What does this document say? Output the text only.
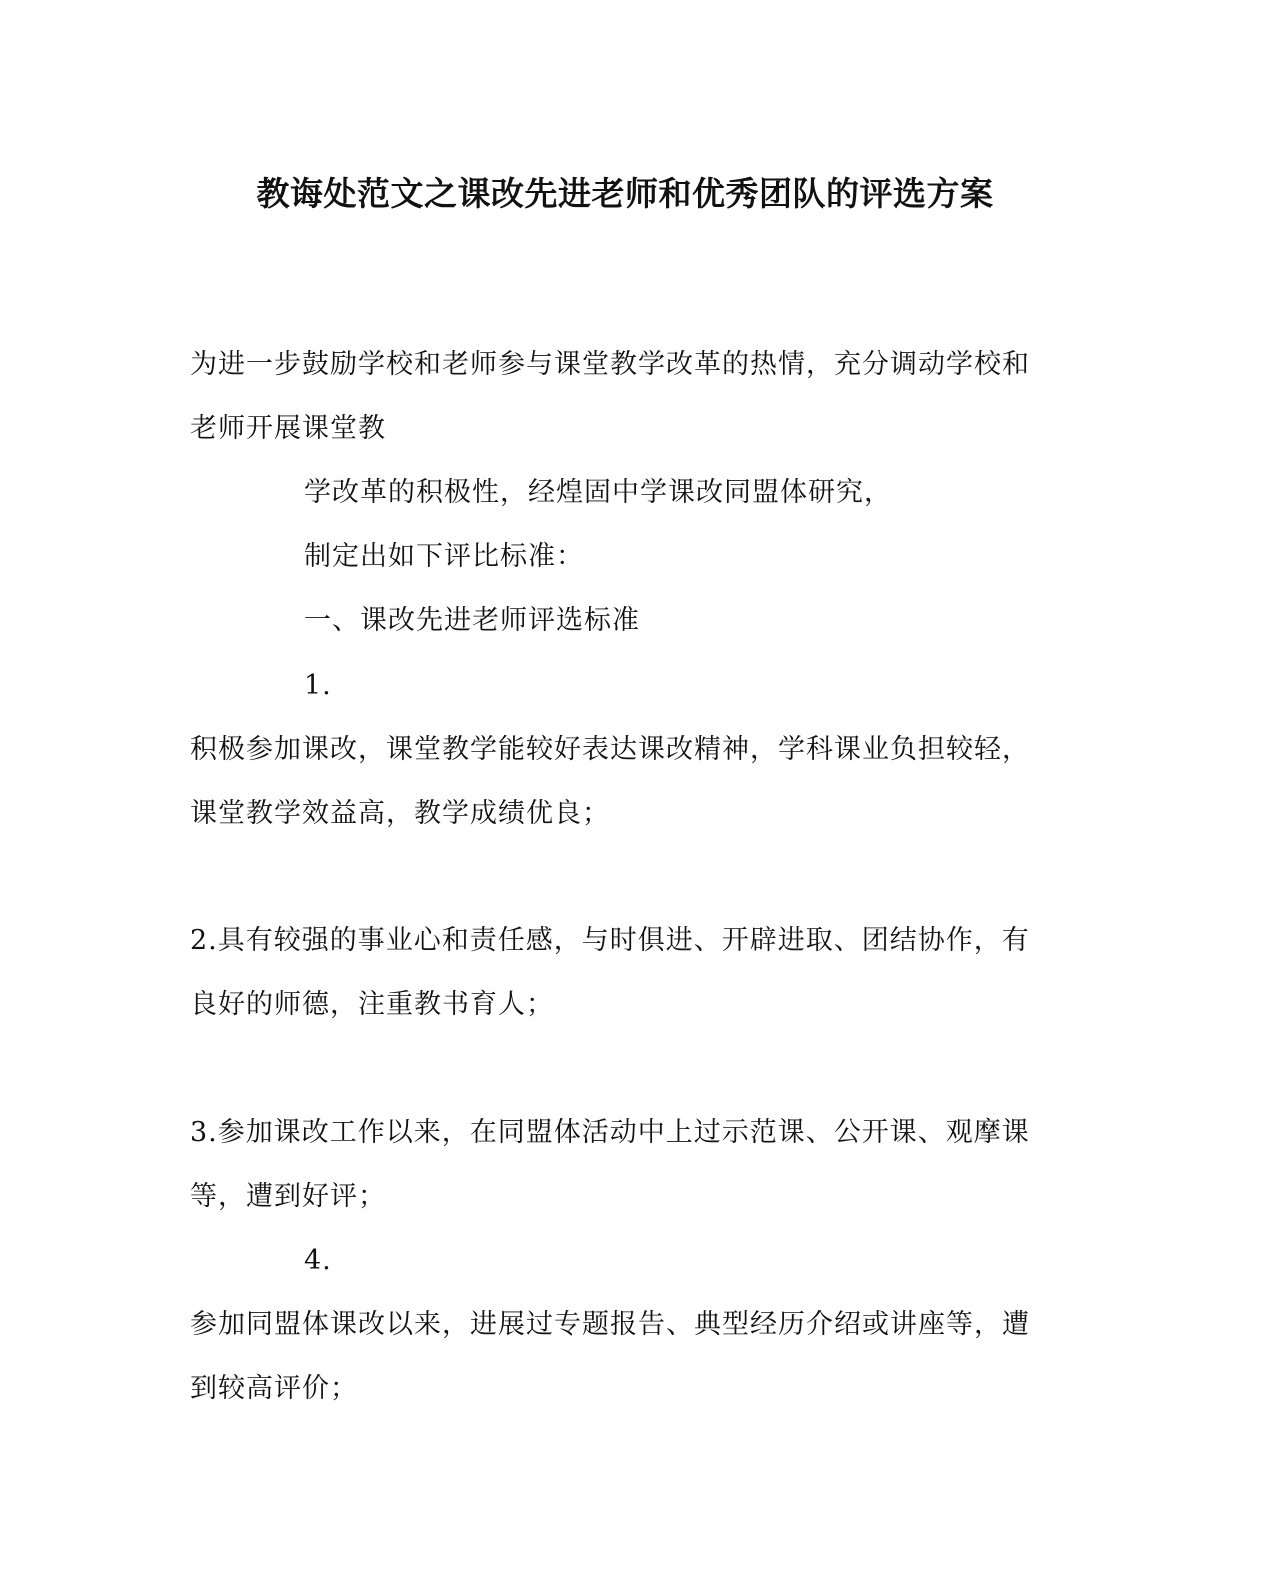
教诲处范文之课改先进老师和优秀团队的评选方案
为进一步鼓励学校和老师参与课堂教学改革的热情，充分调动学校和
老师开展课堂教
学改革的积极性，经煌固中学课改同盟体研究，
制定出如下评比标准：
一、课改先进老师评选标准
1.
积极参加课改，课堂教学能较好表达课改精神，学科课业负担较轻，
课堂教学效益高，教学成绩优良；
2.具有较强的事业心和责任感，与时俱进、开辟进取、团结协作，有
良好的师德，注重教书育人；
3.参加课改工作以来，在同盟体活动中上过示范课、公开课、观摩课
等，遭到好评；
4.
参加同盟体课改以来，进展过专题报告、典型经历介绍或讲座等，遭
到较高评价；
